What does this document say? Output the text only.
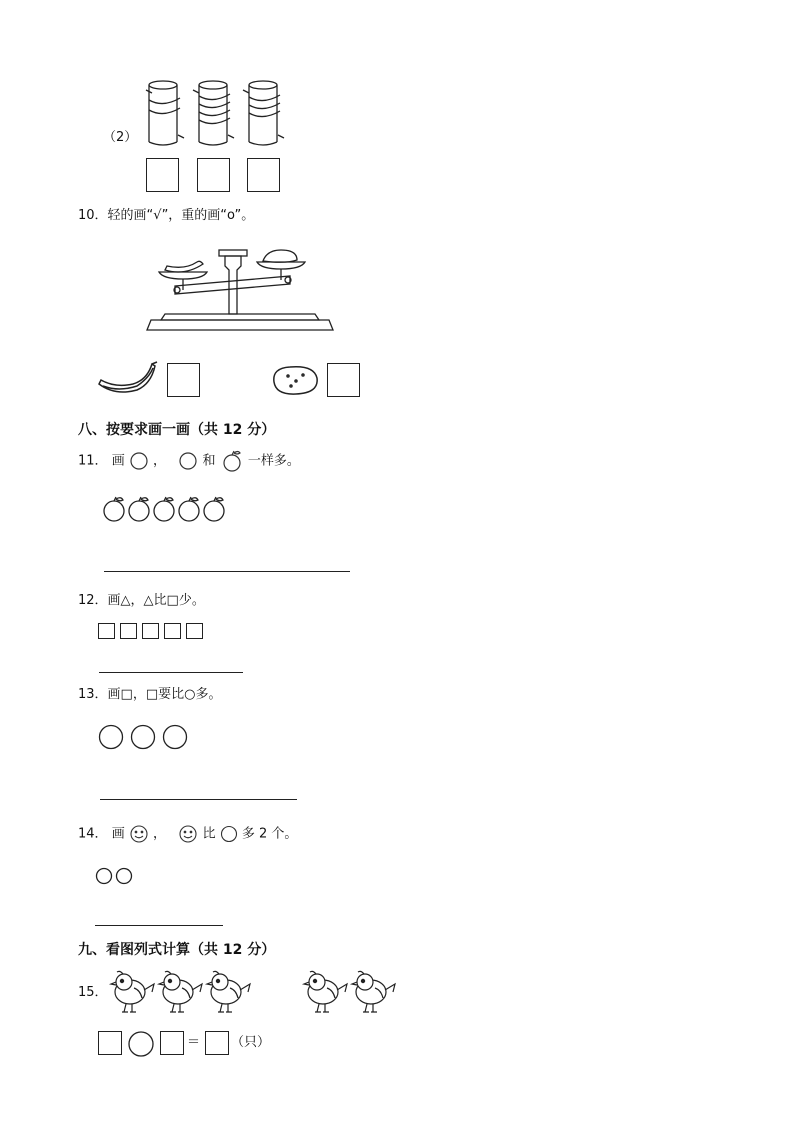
（2）
10．轻的画“√”，重的画“o”。
八、按要求画一画（共 12 分）
11． 画 ，	和 一样多。
12．画△，△比□少。
13．画□，□要比○多。
14． 画 ，	比 多 2 个。
九、看图列式计算（共 12 分）
15．
＝ （只）
